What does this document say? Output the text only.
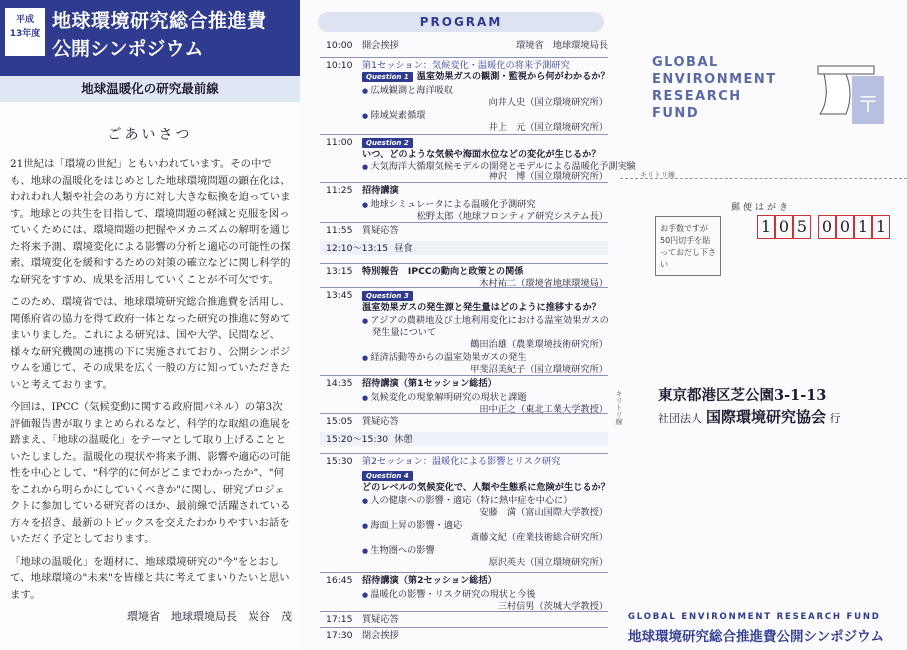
平成
13年度
地球環境研究総合推進費
公開シンポジウム
地球温暖化の研究最前線
ごあいさつ

21世紀は「環境の世紀」ともいわれています。その中でも、地球の温暖化をはじめとした地球環境問題の顕在化は、われわれ人類や社会のあり方に対し大きな転換を迫っています。地球との共生を目指して、環境問題の軽減と克服を図っていくためには、環境問題の把握やメカニズムの解明を通じた将来予測、環境変化による影響の分析と適応の可能性の探索、環境変化を緩和するための対策の確立などに関し科学的な研究をすすめ、成果を活用していくことが不可欠です。

このため、環境省では、地球環境研究総合推進費を活用し、関係府省の協力を得て政府一体となった研究の推進に努めてまいりました。これによる研究は、国や大学、民間など、様々な研究機関の連携の下に実施されており、公開シンポジウムを通じて、その成果を広く一般の方に知っていただきたいと考えております。

今回は、IPCC（気候変動に関する政府間パネル）の第3次評価報告書が取りまとめられるなど、科学的な取組の進展を踏まえ、「地球の温暖化」をテーマとして取り上げることといたしました。温暖化の現状や将来予測、影響や適応の可能性を中心として、"科学的に何がどこまでわかったか"、"何をこれから明らかにしていくべきか"に関し、研究プロジェクトに参加している研究者のほか、最前線で活躍されている方々を招き、最新のトピックスを交えたわかりやすいお話をいただく予定としております。

「地球の温暖化」を題材に、地球環境研究の"今"をとおして、地球環境の"未来"を皆様と共に考えてまいりたいと思います。

環境省　地球環境局長　炭谷　茂
PROGRAM
10:00 開会挨拶	環境省　地球環境局長
10:10 第1セッション：気候変化・温暖化の将来予測研究
Question 1 温室効果ガスの観測・監視から何がわかるか？
● 広域観測と海洋吸収
向井人史（国立環境研究所）
● 陸域炭素循環
井上　元（国立環境研究所）
11:00 Question 2
いつ、どのような気候や海面水位などの変化が生じるか？
● 大気海洋大循環気候モデルの開発とモデルによる温暖化予測実験
神沢　博（国立環境研究所）
11:25 招待講演
● 地球シミュレータによる温暖化予測研究
松野太郎（地球フロンティア研究システム長）
11:55 質疑応答
12:10～13:15 昼食
13:15 特別報告　IPCCの動向と政策との関係
木村祐二（環境省地球環境局）
13:45 Question 3
温室効果ガスの発生源と発生量はどのように推移するか？
● アジアの農耕地及び土地利用変化における温室効果ガスの
発生量について
鶴田治雄（農業環境技術研究所）
● 経済活動等からの温室効果ガスの発生
甲斐沼美紀子（国立環境研究所）
14:35 招待講演（第1セッション総括）
● 気候変化の現象解明研究の現状と課題
田中正之（東北工業大学教授）
15:05 質疑応答
15:20～15:30 休憩
15:30 第2セッション：温暖化による影響とリスク研究
Question 4
どのレベルの気候変化で、人類や生態系に危険が生じるか？
● 人の健康への影響・適応（特に熱中症を中心に）
安藤　満（富山国際大学教授）
● 海面上昇の影響・適応
斎藤文紀（産業技術総合研究所）
● 生物圏への影響
原沢英夫（国立環境研究所）
16:45 招待講演（第2セッション総括）
● 温暖化の影響・リスク研究の現状と今後
三村信男（茨城大学教授）
17:15 質疑応答
17:30 閉会挨拶
GLOBAL
ENVIRONMENT
RESEARCH
FUND	〒
キリトリ線
郵便はがき
お手数ですが50円切手を貼っておだし下さい
1 0 5 0 0 1 1
キリトリ線 東京都港区芝公園3-1-13
社団法人 国際環境研究協会 行
GLOBAL ENVIRONMENT RESEARCH FUND
地球環境研究総合推進費公開シンポジウム
